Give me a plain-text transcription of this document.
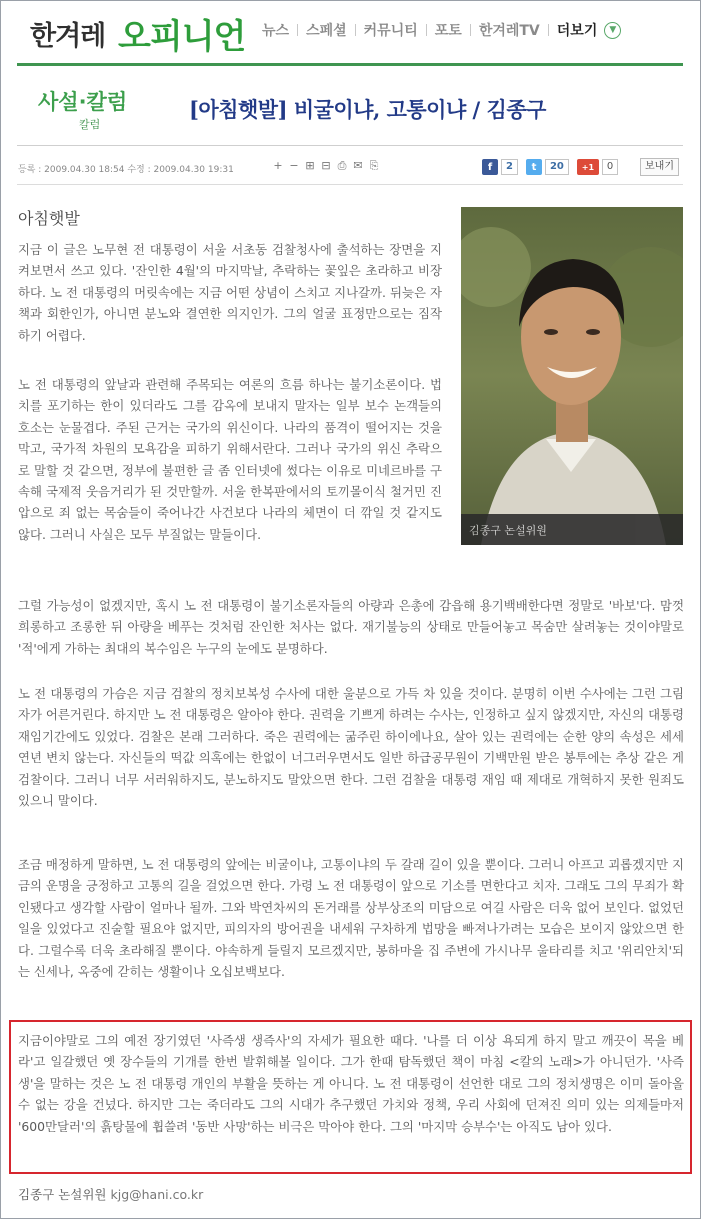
한겨레 오피니언 뉴스 스페셜 커뮤니티 포토 한겨레TV 더보기	▼
사설·칼럼
칼럼
[아침햇발] 비굴이냐, 고통이냐 / 김종구
등록 : 2009.04.30 18:54 수정 : 2009.04.30 19:31	+ − ⊞ ⊟ ⎙ ✉ ⎘	f	2	t	20	+1	0	보내기
아침햇발
김종구 논설위원

지금 이 글은 노무현 전 대통령이 서울 서초동 검찰청사에 출석하는 장면을 지켜보면서 쓰고 있다. '잔인한 4월'의 마지막날, 추락하는 꽃잎은 초라하고 비장하다. 노 전 대통령의 머릿속에는 지금 어떤 상념이 스치고 지나갈까. 뒤늦은 자책과 회한인가, 아니면 분노와 결연한 의지인가. 그의 얼굴 표정만으로는 짐작하기 어렵다.

노 전 대통령의 앞날과 관련해 주목되는 여론의 흐름 하나는 불기소론이다. 법치를 포기하는 한이 있더라도 그를 감옥에 보내지 말자는 일부 보수 논객들의 호소는 눈물겹다. 주된 근거는 국가의 위신이다. 나라의 품격이 떨어지는 것을 막고, 국가적 차원의 모욕감을 피하기 위해서란다. 그러나 국가의 위신 추락으로 말할 것 같으면, 정부에 불편한 글 좀 인터넷에 썼다는 이유로 미네르바를 구속해 국제적 웃음거리가 된 것만할까. 서울 한복판에서의 토끼몰이식 철거민 진압으로 죄 없는 목숨들이 죽어나간 사건보다 나라의 체면이 더 깎일 것 같지도 않다. 그러니 사실은 모두 부질없는 말들이다.

그럴 가능성이 없겠지만, 혹시 노 전 대통령이 불기소론자들의 아량과 은총에 감읍해 용기백배한다면 정말로 '바보'다. 맘껏 희롱하고 조롱한 뒤 아량을 베푸는 것처럼 잔인한 처사는 없다. 재기불능의 상태로 만들어놓고 목숨만 살려놓는 것이야말로 '적'에게 가하는 최대의 복수임은 누구의 눈에도 분명하다.

노 전 대통령의 가슴은 지금 검찰의 정치보복성 수사에 대한 울분으로 가득 차 있을 것이다. 분명히 이번 수사에는 그런 그림자가 어른거린다. 하지만 노 전 대통령은 알아야 한다. 권력을 기쁘게 하려는 수사는, 인정하고 싶지 않겠지만, 자신의 대통령 재임기간에도 있었다. 검찰은 본래 그러하다. 죽은 권력에는 굶주린 하이에나요, 살아 있는 권력에는 순한 양의 속성은 세세연년 변치 않는다. 자신들의 떡값 의혹에는 한없이 너그러우면서도 일반 하급공무원이 기백만원 받은 봉투에는 추상 같은 게 검찰이다. 그러니 너무 서러워하지도, 분노하지도 말았으면 한다. 그런 검찰을 대통령 재임 때 제대로 개혁하지 못한 원죄도 있으니 말이다.

조금 매정하게 말하면, 노 전 대통령의 앞에는 비굴이냐, 고통이냐의 두 갈래 길이 있을 뿐이다. 그러니 아프고 괴롭겠지만 지금의 운명을 긍정하고 고통의 길을 걸었으면 한다. 가령 노 전 대통령이 앞으로 기소를 면한다고 치자. 그래도 그의 무죄가 확인됐다고 생각할 사람이 얼마나 될까. 그와 박연차씨의 돈거래를 상부상조의 미담으로 여길 사람은 더욱 없어 보인다. 없었던 일을 있었다고 진술할 필요야 없지만, 피의자의 방어권을 내세워 구차하게 법망을 빠져나가려는 모습은 보이지 않았으면 한다. 그럴수록 더욱 초라해질 뿐이다. 야속하게 들릴지 모르겠지만, 봉하마을 집 주변에 가시나무 울타리를 치고 '위리안치'되는 신세나, 옥중에 갇히는 생활이나 오십보백보다.

지금이야말로 그의 예전 장기였던 '사즉생 생즉사'의 자세가 필요한 때다. '나를 더 이상 욕되게 하지 말고 깨끗이 목을 베라'고 일갈했던 옛 장수들의 기개를 한번 발휘해볼 일이다. 그가 한때 탐독했던 책이 마침 <칼의 노래>가 아니던가. '사즉생'을 말하는 것은 노 전 대통령 개인의 부활을 뜻하는 게 아니다. 노 전 대통령이 선언한 대로 그의 정치생명은 이미 돌아올 수 없는 강을 건넜다. 하지만 그는 죽더라도 그의 시대가 추구했던 가치와 정책, 우리 사회에 던져진 의미 있는 의제들마저 '600만달러'의 흙탕물에 휩쓸려 '동반 사망'하는 비극은 막아야 한다. 그의 '마지막 승부수'는 아직도 남아 있다.

김종구 논설위원 kjg@hani.co.kr
